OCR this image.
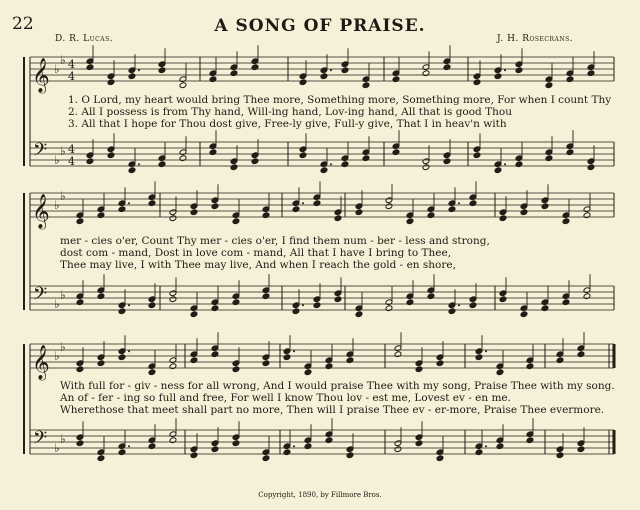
22	A SONG OF PRAISE.
D. R. Lucas.	J. H. Rosecrans.
𝄞 ♭
♭ 4
4
𝄢 ♭
♭ 4
4
𝄞 ♭
♭
𝄢 ♭
♭
𝄞 ♭
♭
𝄢 ♭
♭
1. O Lord, my heart would bring Thee more, Something more, Something more, For when I count Thy
2. All I possess is from Thy hand, Will-ing hand, Lov-ing hand, All that is good Thou
3. All that I hope for Thou dost give, Free-ly give, Full-y give, That I in heav'n with
mer - cies o'er, Count Thy mer - cies o'er, I find them num - ber - less and strong,
dost com - mand, Dost in love com - mand, All that I have I bring to Thee,
Thee may live, I with Thee may live, And when I reach the gold - en shore,
With full for - giv - ness for all wrong, And I would praise Thee with my song, Praise Thee with my song.
An of - fer - ing so full and free, For well I know Thou lov - est me, Lovest ev - en me.
Wherethose that meet shall part no more, Then will I praise Thee ev - er-more, Praise Thee evermore.
Copyright, 1890, by Fillmore Bros.
